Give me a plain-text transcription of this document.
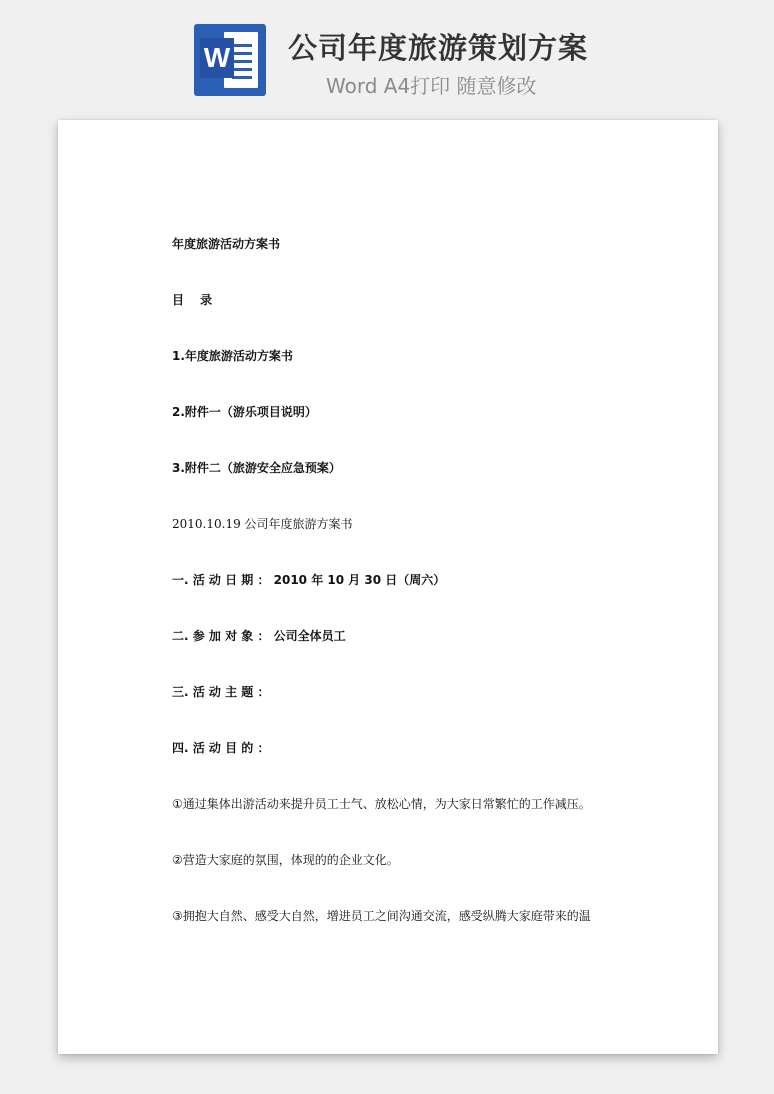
W 公司年度旅游策划方案
Word A4打印 随意修改
年度旅游活动方案书
目 录
1.年度旅游活动方案书
2.附件一（游乐项目说明）
3.附件二（旅游安全应急预案）
2010.10.19 公司年度旅游方案书
一. 活 动 日 期 ： 2010 年 10 月 30 日（周六）
二. 参 加 对 象 ： 公司全体员工
三. 活 动 主 题 ：
四. 活 动 目 的 ：
①通过集体出游活动来提升员工士气、放松心情，为大家日常繁忙的工作减压。
②营造大家庭的氛围，体现的的企业文化。
③拥抱大自然、感受大自然，增进员工之间沟通交流，感受纵腾大家庭带来的温
